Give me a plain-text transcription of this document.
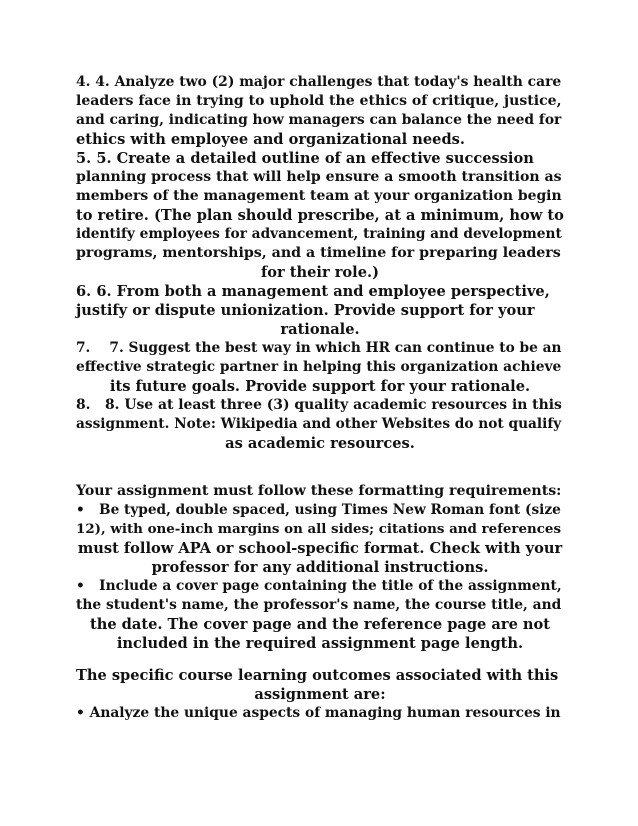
4. 4. Analyze two (2) major challenges that today's health care
leaders face in trying to uphold the ethics of critique, justice,
and caring, indicating how managers can balance the need for
ethics with employee and organizational needs.
5. 5. Create a detailed outline of an effective succession
planning process that will help ensure a smooth transition as
members of the management team at your organization begin
to retire. (The plan should prescribe, at a minimum, how to
identify employees for advancement, training and development
programs, mentorships, and a timeline for preparing leaders
for their role.)
6. 6. From both a management and employee perspective,
justify or dispute unionization. Provide support for your
rationale.
7.    7. Suggest the best way in which HR can continue to be an
effective strategic partner in helping this organization achieve
its future goals. Provide support for your rationale.
8.   8. Use at least three (3) quality academic resources in this
assignment. Note: Wikipedia and other Websites do not qualify
as academic resources.
Your assignment must follow these formatting requirements:
•   Be typed, double spaced, using Times New Roman font (size
12), with one-inch margins on all sides; citations and references
must follow APA or school-specific format. Check with your
professor for any additional instructions.
•   Include a cover page containing the title of the assignment,
the student's name, the professor's name, the course title, and
the date. The cover page and the reference page are not
included in the required assignment page length.
The specific course learning outcomes associated with this
assignment are:
• Analyze the unique aspects of managing human resources in
